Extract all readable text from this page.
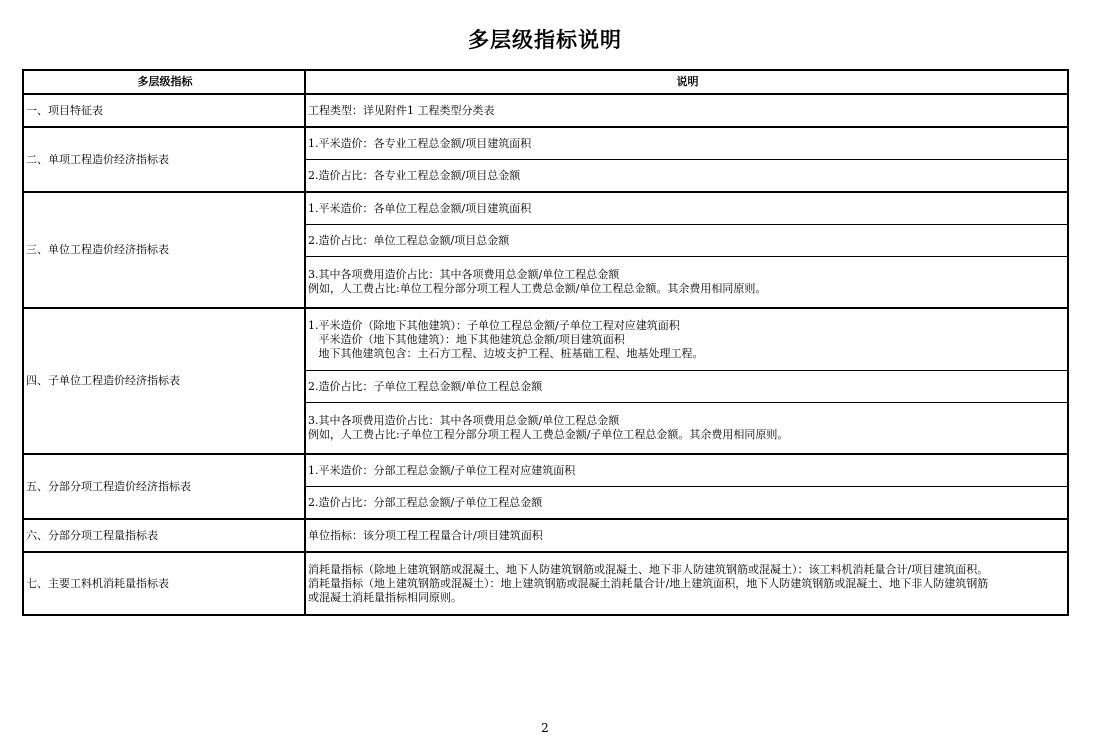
多层级指标说明
多层级指标	说明
一、项目特征表	工程类型：详见附件1 工程类型分类表
二、单项工程造价经济指标表	1.平米造价：各专业工程总金额/项目建筑面积
	2.造价占比：各专业工程总金额/项目总金额
三、单位工程造价经济指标表	1.平米造价：各单位工程总金额/项目建筑面积
	2.造价占比：单位工程总金额/项目总金额
	3.其中各项费用造价占比：其中各项费用总金额/单位工程总金额
例如，人工费占比:单位工程分部分项工程人工费总金额/单位工程总金额。其余费用相同原则。
四、子单位工程造价经济指标表	1.平米造价（除地下其他建筑）：子单位工程总金额/子单位工程对应建筑面积
平米造价（地下其他建筑）：地下其他建筑总金额/项目建筑面积
地下其他建筑包含：土石方工程、边坡支护工程、桩基础工程、地基处理工程。
	2.造价占比：子单位工程总金额/单位工程总金额
	3.其中各项费用造价占比：其中各项费用总金额/单位工程总金额
例如，人工费占比:子单位工程分部分项工程人工费总金额/子单位工程总金额。其余费用相同原则。
五、分部分项工程造价经济指标表	1.平米造价：分部工程总金额/子单位工程对应建筑面积
	2.造价占比：分部工程总金额/子单位工程总金额
六、分部分项工程量指标表	单位指标：该分项工程工程量合计/项目建筑面积
七、主要工料机消耗量指标表	消耗量指标（除地上建筑钢筋或混凝土、地下人防建筑钢筋或混凝土、地下非人防建筑钢筋或混凝土）：该工料机消耗量合计/项目建筑面积。
消耗量指标（地上建筑钢筋或混凝土）：地上建筑钢筋或混凝土消耗量合计/地上建筑面积，地下人防建筑钢筋或混凝土、地下非人防建筑钢筋
或混凝土消耗量指标相同原则。
2
